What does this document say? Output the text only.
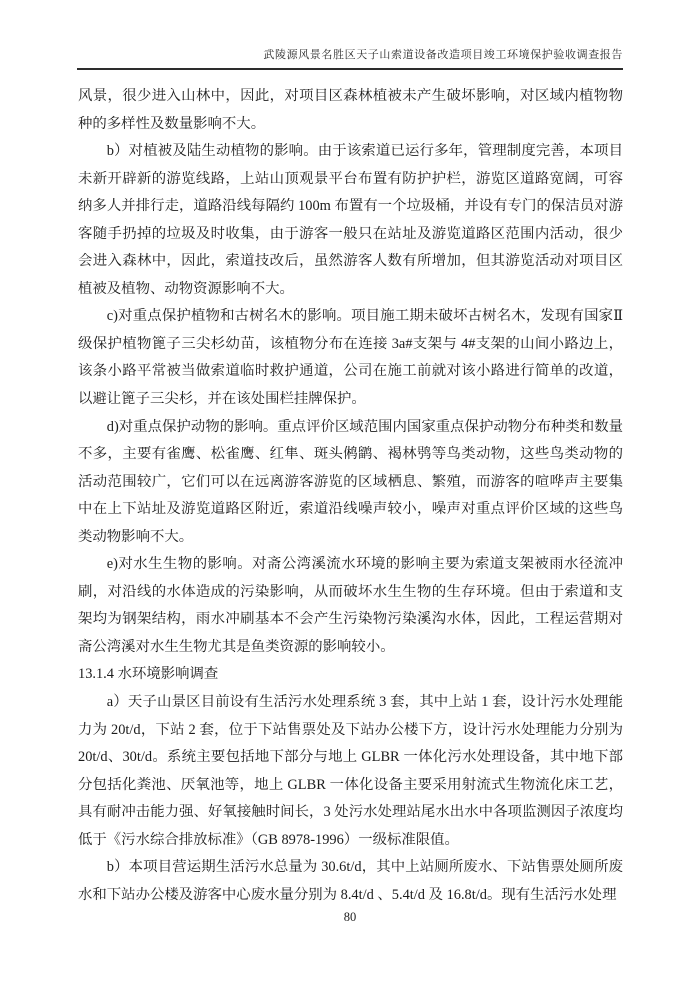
武陵源风景名胜区天子山索道设备改造项目竣工环境保护验收调查报告

风景，很少进入山林中，因此，对项目区森林植被未产生破坏影响，对区域内植物物种的多样性及数量影响不大。

b）对植被及陆生动植物的影响。由于该索道已运行多年，管理制度完善，本项目未新开辟新的游览线路，上站山顶观景平台布置有防护护栏，游览区道路宽阔，可容纳多人并排行走，道路沿线每隔约 100m 布置有一个垃圾桶，并设有专门的保洁员对游客随手扔掉的垃圾及时收集，由于游客一般只在站址及游览道路区范围内活动，很少会进入森林中，因此，索道技改后，虽然游客人数有所增加，但其游览活动对项目区植被及植物、动物资源影响不大。

c)对重点保护植物和古树名木的影响。项目施工期未破坏古树名木，发现有国家Ⅱ级保护植物篦子三尖杉幼苗，该植物分布在连接 3a#支架与 4#支架的山间小路边上，该条小路平常被当做索道临时救护通道，公司在施工前就对该小路进行简单的改道，以避让篦子三尖杉，并在该处围栏挂牌保护。

d)对重点保护动物的影响。重点评价区域范围内国家重点保护动物分布种类和数量不多，主要有雀鹰、松雀鹰、红隼、斑头鸺鹠、褐林鸮等鸟类动物，这些鸟类动物的活动范围较广，它们可以在远离游客游览的区域栖息、繁殖，而游客的喧哗声主要集中在上下站址及游览道路区附近，索道沿线噪声较小，噪声对重点评价区域的这些鸟类动物影响不大。

e)对水生生物的影响。对斋公湾溪流水环境的影响主要为索道支架被雨水径流冲刷，对沿线的水体造成的污染影响，从而破坏水生生物的生存环境。但由于索道和支架均为钢架结构，雨水冲刷基本不会产生污染物污染溪沟水体，因此，工程运营期对斋公湾溪对水生生物尤其是鱼类资源的影响较小。

13.1.4 水环境影响调查

a）天子山景区目前设有生活污水处理系统 3 套，其中上站 1 套，设计污水处理能力为 20t/d，下站 2 套，位于下站售票处及下站办公楼下方，设计污水处理能力分别为 20t/d、30t/d。系统主要包括地下部分与地上 GLBR 一体化污水处理设备，其中地下部分包括化粪池、厌氧池等，地上 GLBR 一体化设备主要采用射流式生物流化床工艺，具有耐冲击能力强、好氧接触时间长，3 处污水处理站尾水出水中各项监测因子浓度均低于《污水综合排放标准》（GB 8978-1996）一级标准限值。

b）本项目营运期生活污水总量为 30.6t/d，其中上站厕所废水、下站售票处厕所废水和下站办公楼及游客中心废水量分别为 8.4t/d 、5.4t/d 及 16.8t/d。现有生活污水处理

80
